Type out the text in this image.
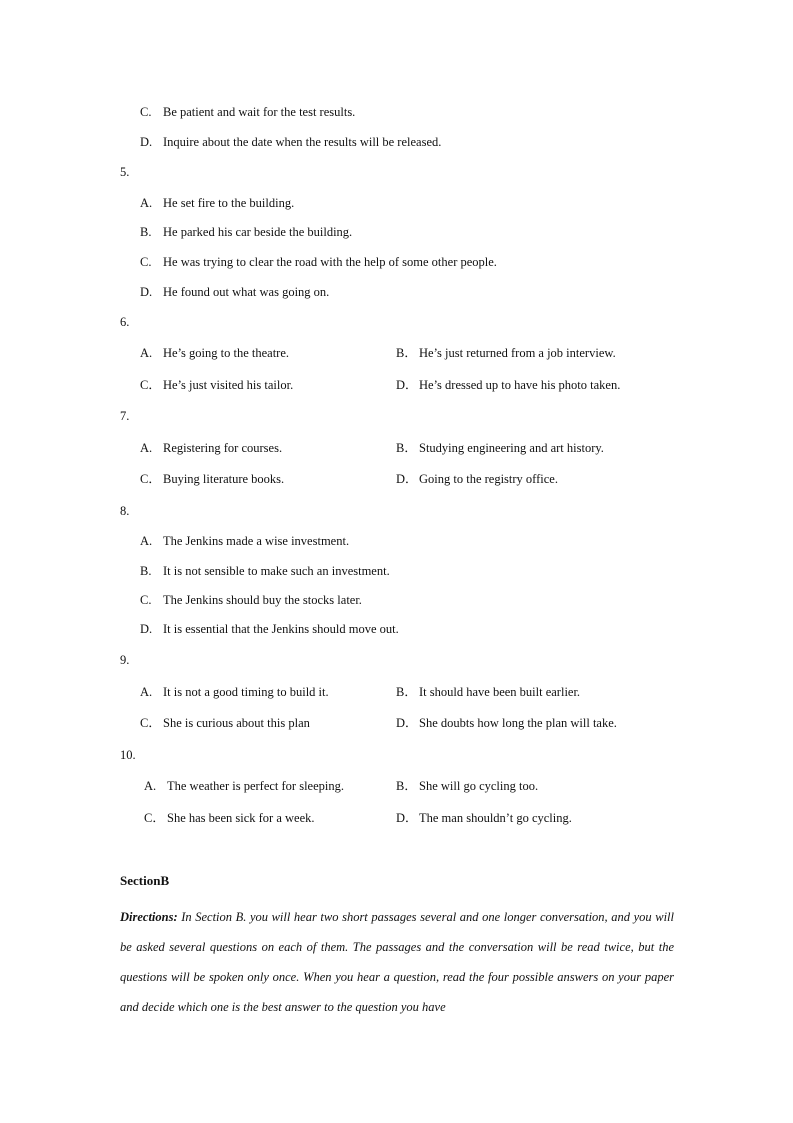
C. Be patient and wait for the test results.
D. Inquire about the date when the results will be released.
5.
A. He set fire to the building.
B. He parked his car beside the building.
C. He was trying to clear the road with the help of some other people.
D. He found out what was going on.
6.
A. He’s going to the theatre.	B． He’s just returned from a job interview.
C． He’s just visited his tailor.	D．He’s dressed up to have his photo taken.
7.
A. Registering for courses.	B． Studying engineering and art history.
C． Buying literature books.	D．Going to the registry office.
8.
A. The Jenkins made a wise investment.
B. It is not sensible to make such an investment.
C. The Jenkins should buy the stocks later.
D. It is essential that the Jenkins should move out.
9.
A. It is not a good timing to build it.	B． It should have been built earlier.
C． She is curious about this plan	D．She doubts how long the plan will take.
10.
A. The weather is perfect for sleeping.	B． She will go cycling too.
C． She has been sick for a week.	D．The man shouldn’t go cycling.
SectionB
Directions: In Section B. you will hear two short passages several and one longer conversation, and you will be asked several questions on each of them. The passages and the conversation will be read twice, but the questions will be spoken only once. When you hear a question, read the four possible answers on your paper and decide which one is the best answer to the question you have
